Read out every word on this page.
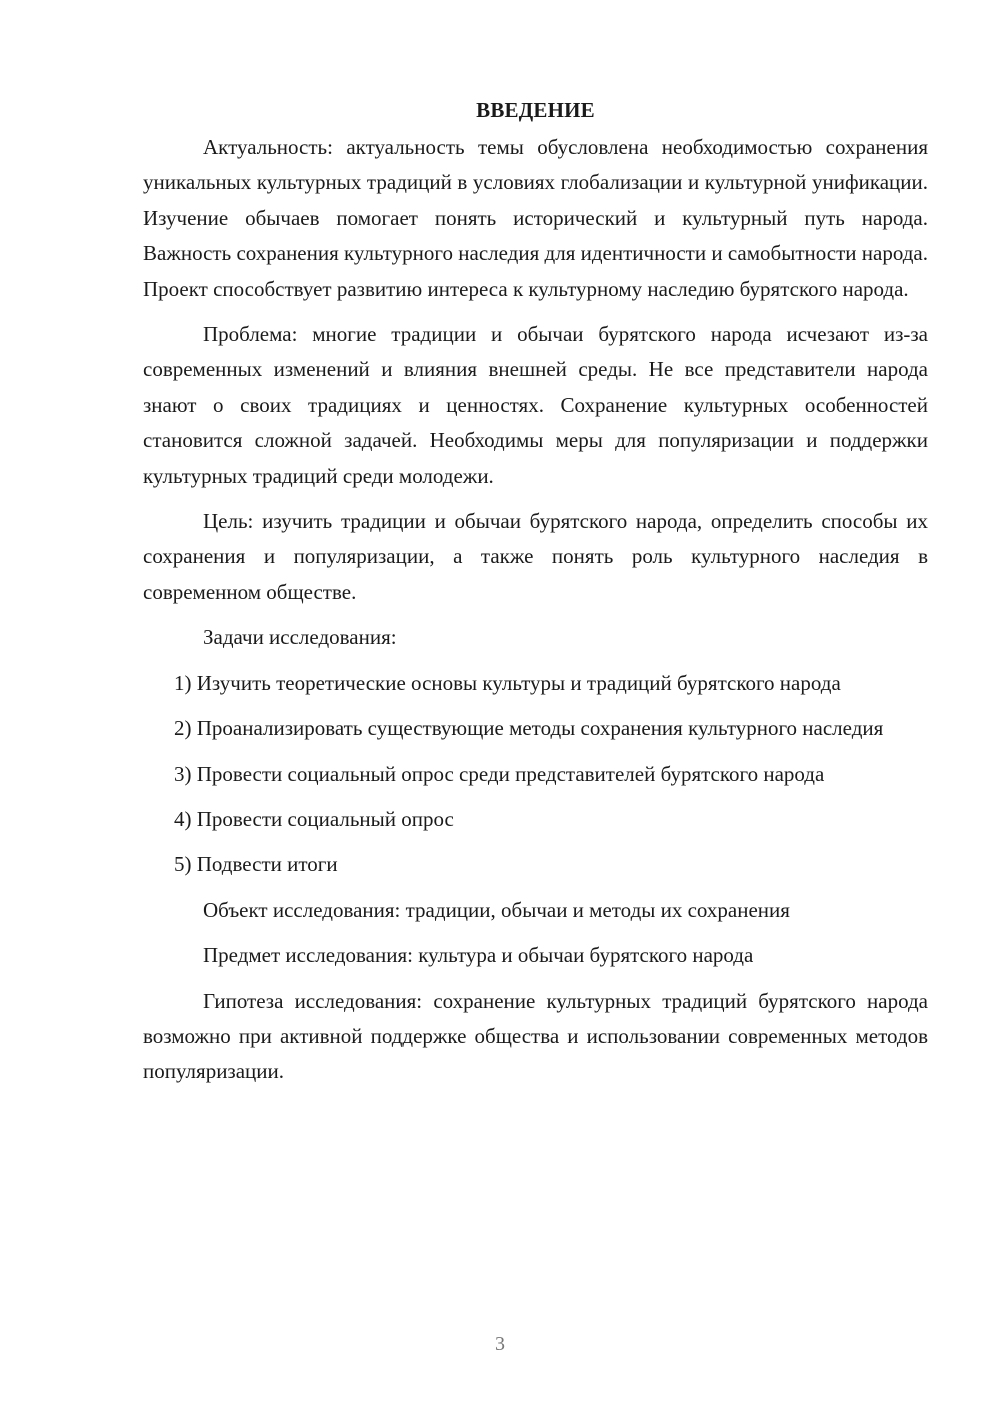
ВВЕДЕНИЕ

Актуальность: актуальность темы обусловлена необходимостью сохранения уникальных культурных традиций в условиях глобализации и культурной унификации. Изучение обычаев помогает понять исторический и культурный путь народа. Важность сохранения культурного наследия для идентичности и самобытности народа. Проект способствует развитию интереса к культурному наследию бурятского народа.

Проблема: многие традиции и обычаи бурятского народа исчезают из-за современных изменений и влияния внешней среды. Не все представители народа знают о своих традициях и ценностях. Сохранение культурных особенностей становится сложной задачей. Необходимы меры для популяризации и поддержки культурных традиций среди молодежи.

Цель: изучить традиции и обычаи бурятского народа, определить способы их сохранения и популяризации, а также понять роль культурного наследия в современном обществе.

Задачи исследования:

1) Изучить теоретические основы культуры и традиций бурятского народа

2) Проанализировать существующие методы сохранения культурного наследия

3) Провести социальный опрос среди представителей бурятского народа

4) Провести социальный опрос

5) Подвести итоги

Объект исследования: традиции, обычаи и методы их сохранения

Предмет исследования: культура и обычаи бурятского народа

Гипотеза исследования: сохранение культурных традиций бурятского народа возможно при активной поддержке общества и использовании современных методов популяризации.

3
